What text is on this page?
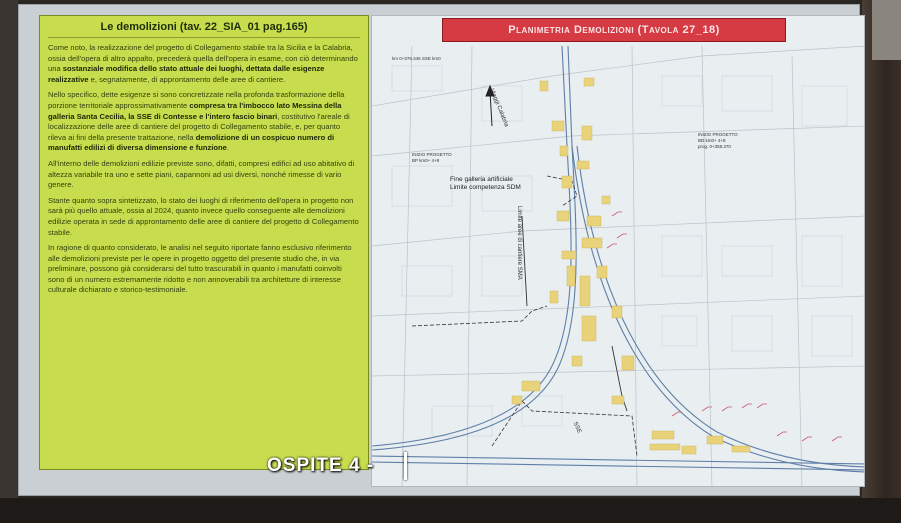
Le demolizioni (tav. 22_SIA_01 pag.165)

Come noto, la realizzazione del progetto di Collegamento stabile tra la Sicilia e la Calabria, ossia dell'opera di altro appalto, precederà quella dell'opera in esame, con ciò determinando una sostanziale modifica dello stato attuale dei luoghi, dettata dalle esigenze realizzative e, segnatamente, di approntamento delle aree di cantiere.

Nello specifico, dette esigenze si sono concretizzate nella profonda trasformazione della porzione territoriale approssimativamente compresa tra l'imbocco lato Messina della galleria Santa Cecilia, la SSE di Contesse e l'intero fascio binari, costitutivo l'areale di localizzazione delle aree di cantiere del progetto di Collegamento stabile, e, per quanto rileva ai fini della presente trattazione, nella demolizione di un cospicuo numero di manufatti edilizi di diversa dimensione e funzione.

All'interno delle demolizioni edilizie previste sono, difatti, compresi edifici ad uso abitativo di altezza variabile tra uno e sette piani, capannoni ad usi diversi, nonché rimesse di vario genere.

Stante quanto sopra sintetizzato, lo stato dei luoghi di riferimento dell'opera in progetto non sarà più quello attuale, ossia al 2024, quanto invece quello conseguente alle demolizioni edilizie operata in sede di approntamento delle aree di cantiere del progetto di Collegamento stabile.

In ragione di quanto considerato, le analisi nel seguito riportate fanno esclusivo riferimento alle demolizioni previste per le opere in progetto oggetto del presente studio che, in via preliminare, possono già considerarsi del tutto trascurabili in quanto i manufatti coinvolti sono di un numero estremamente ridotto e non annoverabili tra architetture di interesse culturale dichiarato e storico-testimoniale.

Planimetria Demolizioni (Tavola 27_18)
Fine galleria artificiale
Limite competenza SDM
Limite aree di cantiere SMA
Viaggi Calabria
INIZIO PROGETTO
BP km0+ 4+8
INIZIO PROGETTO
BD km0+ 4+8
prog. 0+358.370
km 0+376.345 SSE km0
SSE
OSPITE 4 -
